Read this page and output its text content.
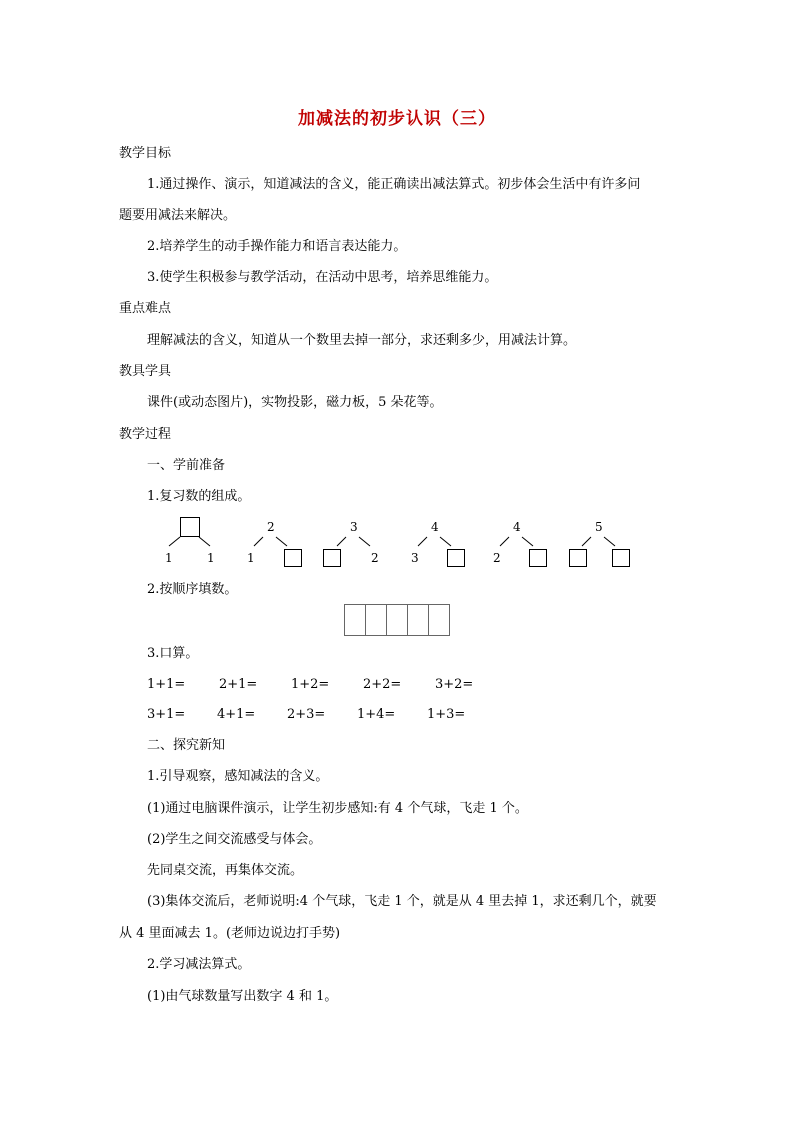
加减法的初步认识（三）
教学目标
1.通过操作、演示，知道减法的含义，能正确读出减法算式。初步体会生活中有许多问
题要用减法来解决。
2.培养学生的动手操作能力和语言表达能力。
3.使学生积极参与教学活动，在活动中思考，培养思维能力。
重点难点
理解减法的含义，知道从一个数里去掉一部分，求还剩多少，用减法计算。
教具学具
课件(或动态图片)，实物投影，磁力板，5 朵花等。
教学过程
一、学前准备
1.复习数的组成。
1	1
2
1
3
2
4
3
4
2
5
2.按顺序填数。
3.口算。
1+1=	2+1=	1+2=	2+2=	3+2=
3+1= 4+1= 2+3= 1+4= 1+3=
二、探究新知
1.引导观察，感知减法的含义。
(1)通过电脑课件演示，让学生初步感知:有 4 个气球，飞走 1 个。
(2)学生之间交流感受与体会。
先同桌交流，再集体交流。
(3)集体交流后，老师说明:4 个气球，飞走 1 个，就是从 4 里去掉 1，求还剩几个，就要
从 4 里面减去 1。(老师边说边打手势)
2.学习减法算式。
(1)由气球数量写出数字 4 和 1。
